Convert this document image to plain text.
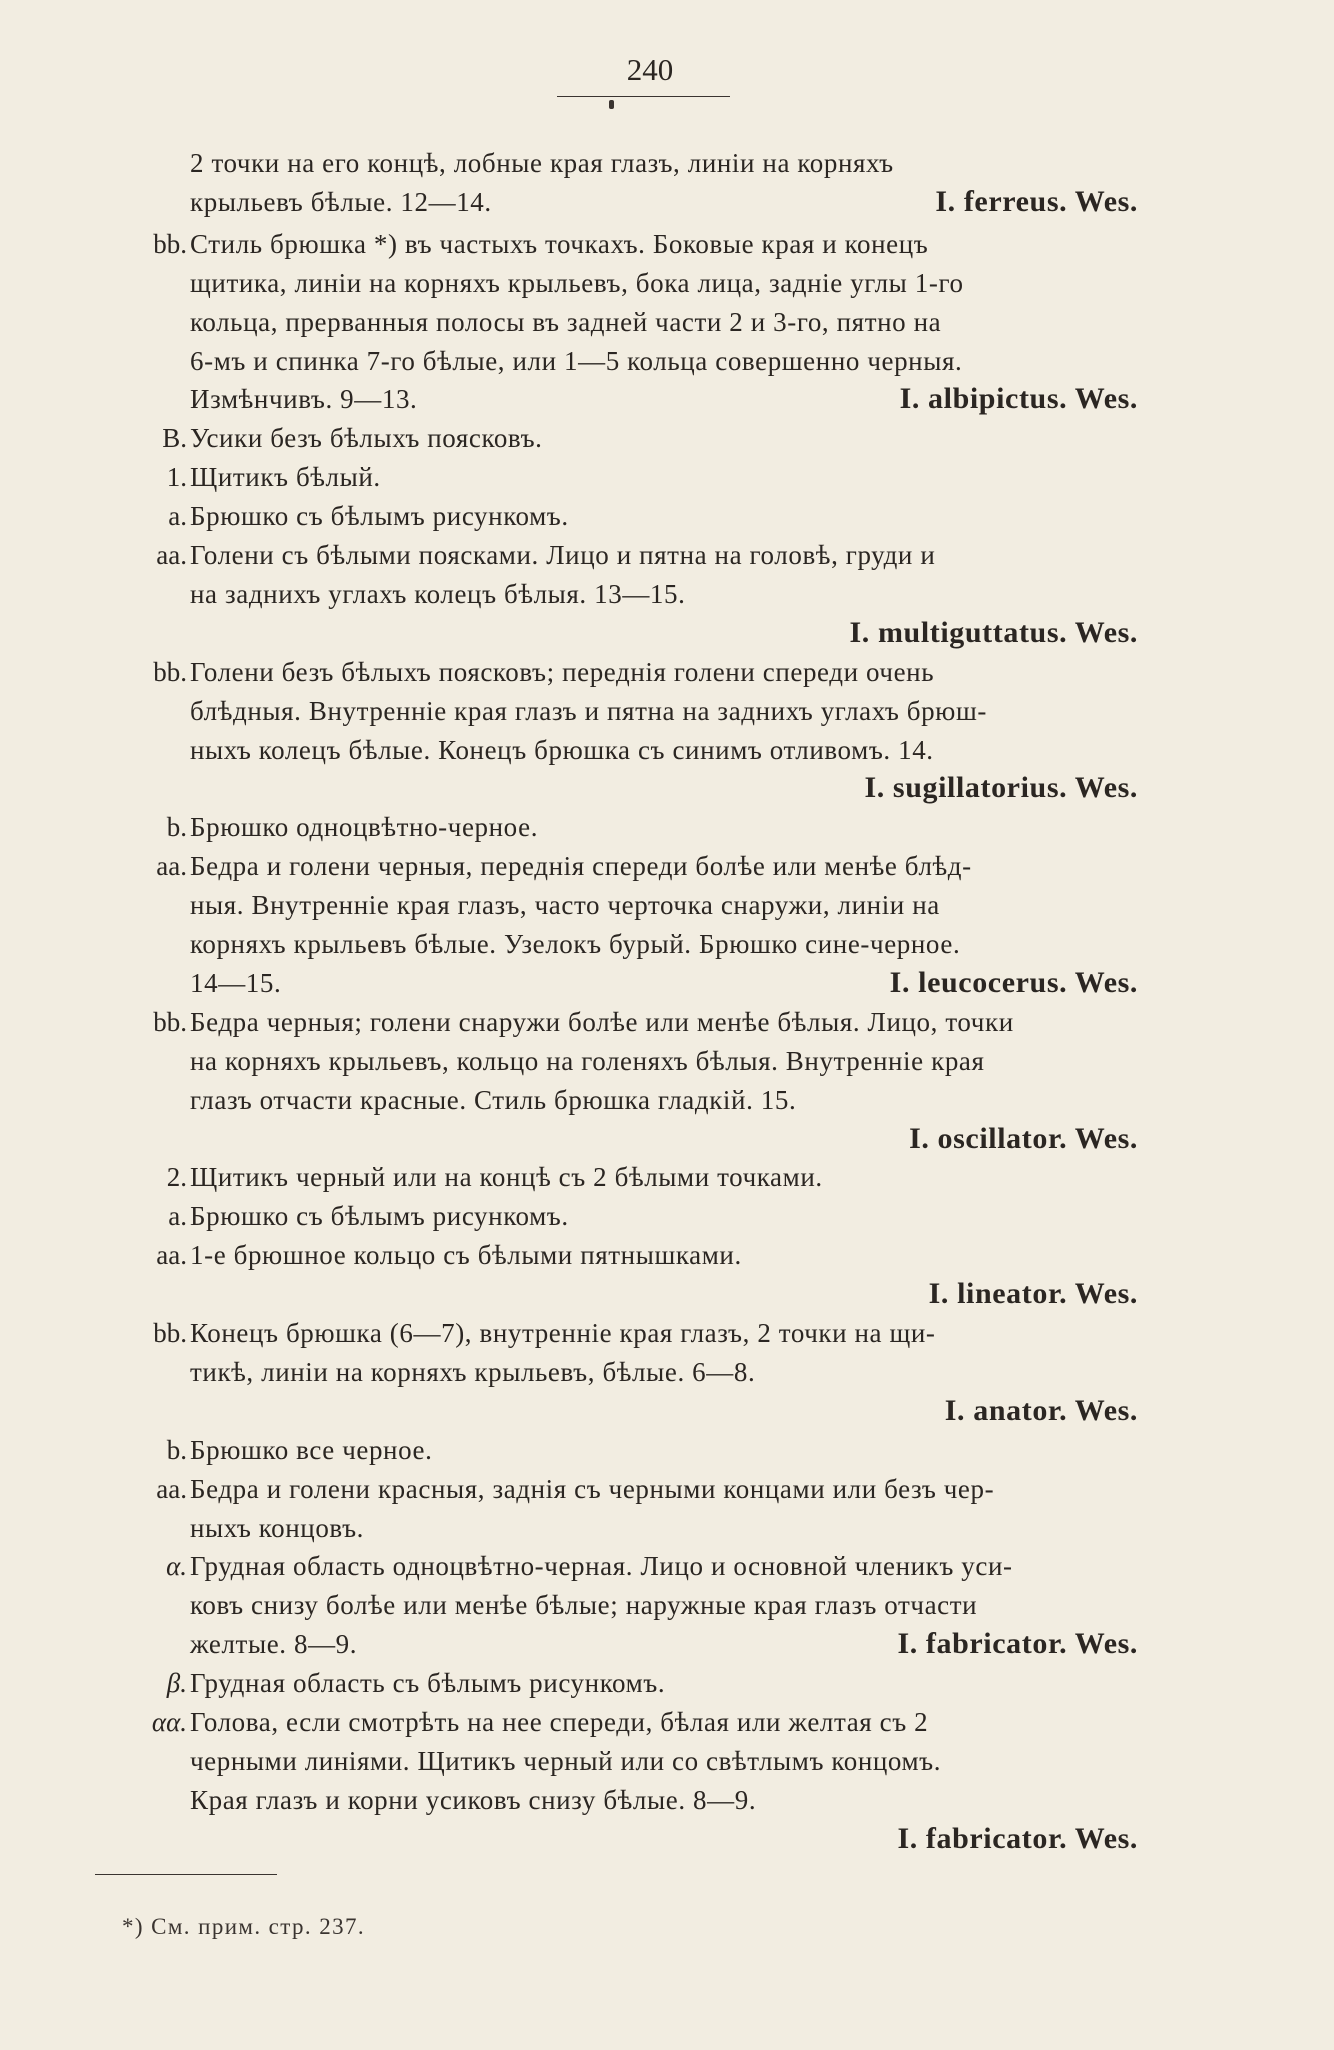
240
2 точки на его концѣ, лобные края глазъ, линіи на корняхъ
крыльевъ бѣлые. 12—14.	I. ferreus. Wes.
bb. Стиль брюшка *) въ частыхъ точкахъ. Боковые края и конецъ
щитика, линіи на корняхъ крыльевъ, бока лица, заднiе углы 1-го
кольца, прерванныя полосы въ задней части 2 и 3-го, пятно на
6-мъ и спинка 7-го бѣлые, или 1—5 кольца совершенно черныя.
Измѣнчивъ. 9—13.	I. albipictus. Wes.
B. Усики безъ бѣлыхъ поясковъ.
1. Щитикъ бѣлый.
a. Брюшко съ бѣлымъ рисункомъ.
aa. Голени съ бѣлыми поясками. Лицо и пятна на головѣ, груди и
на заднихъ углахъ колецъ бѣлыя. 13—15.
I. multiguttatus. Wes.
bb. Голени безъ бѣлыхъ поясковъ; переднія голени спереди очень
блѣдныя. Внутреннiе края глазъ и пятна на заднихъ углахъ брюш-
ныхъ колецъ бѣлые. Конецъ брюшка съ синимъ отливомъ. 14.
I. sugillatorius. Wes.
b. Брюшко одноцвѣтно-черное.
aa. Бедра и голени черныя, переднія спереди болѣе или менѣе блѣд-
ныя. Внутреннiе края глазъ, часто черточка снаружи, линіи на
корняхъ крыльевъ бѣлые. Узелокъ бурый. Брюшко сине-черное.
14—15.	I. leucocerus. Wes.
bb. Бедра черныя; голени снаружи болѣе или менѣе бѣлыя. Лицо, точки
на корняхъ крыльевъ, кольцо на голеняхъ бѣлыя. Внутреннiе края
глазъ отчасти красные. Стиль брюшка гладкiй. 15.
I. oscillator. Wes.
2. Щитикъ черный или на концѣ съ 2 бѣлыми точками.
a. Брюшко съ бѣлымъ рисункомъ.
aa. 1-е брюшное кольцо съ бѣлыми пятнышками.
I. lineator. Wes.
bb. Конецъ брюшка (6—7), внутреннiе края глазъ, 2 точки на щи-
тикѣ, линіи на корняхъ крыльевъ, бѣлые. 6—8.
I. anator. Wes.
b. Брюшко все черное.
aa. Бедра и голени красныя, заднiя съ черными концами или безъ чер-
ныхъ концовъ.
α. Грудная область одноцвѣтно-черная. Лицо и основной членикъ уси-
ковъ снизу болѣе или менѣе бѣлые; наружные края глазъ отчасти
желтые. 8—9.	I. fabricator. Wes.
β. Грудная область съ бѣлымъ рисункомъ.
αα. Голова, если смотрѣть на нее спереди, бѣлая или желтая съ 2
черными линiями. Щитикъ черный или со свѣтлымъ концомъ.
Края глазъ и корни усиковъ снизу бѣлые. 8—9.
I. fabricator. Wes.
*) См. прим. стр. 237.
